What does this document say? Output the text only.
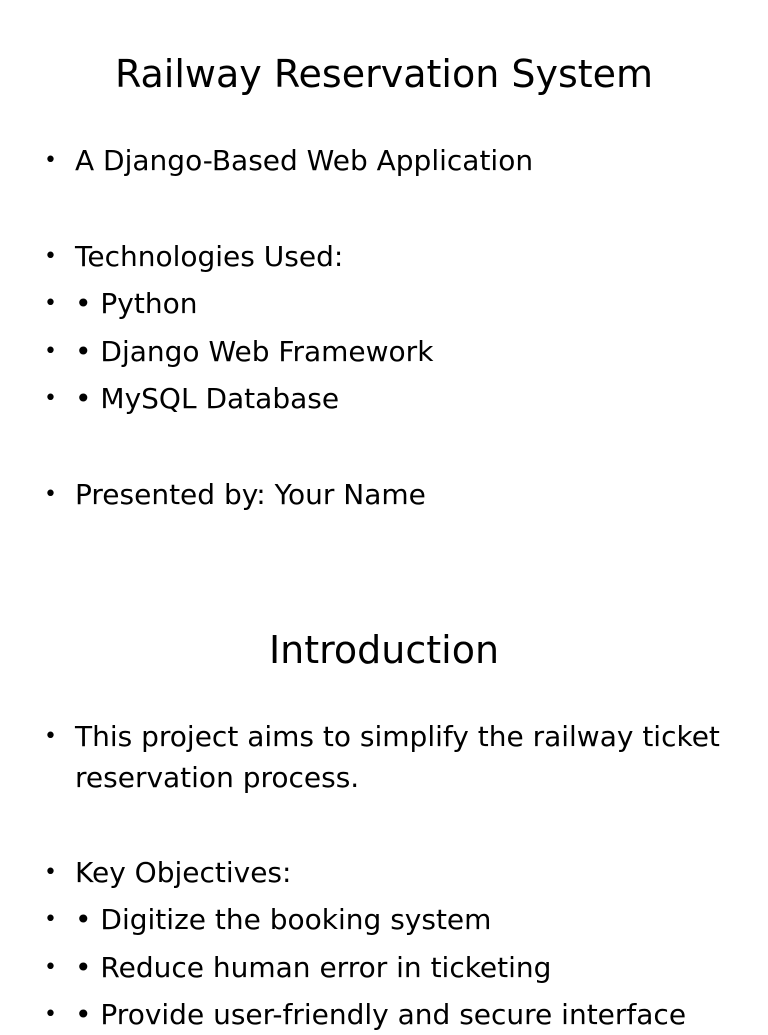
Railway Reservation System
• A Django-Based Web Application
• Technologies Used:
• • Python
• • Django Web Framework
• • MySQL Database
• Presented by: Your Name
Introduction
• This project aims to simplify the railway ticket reservation process.
• Key Objectives:
• • Digitize the booking system
• • Reduce human error in ticketing
• • Provide user-friendly and secure interface
